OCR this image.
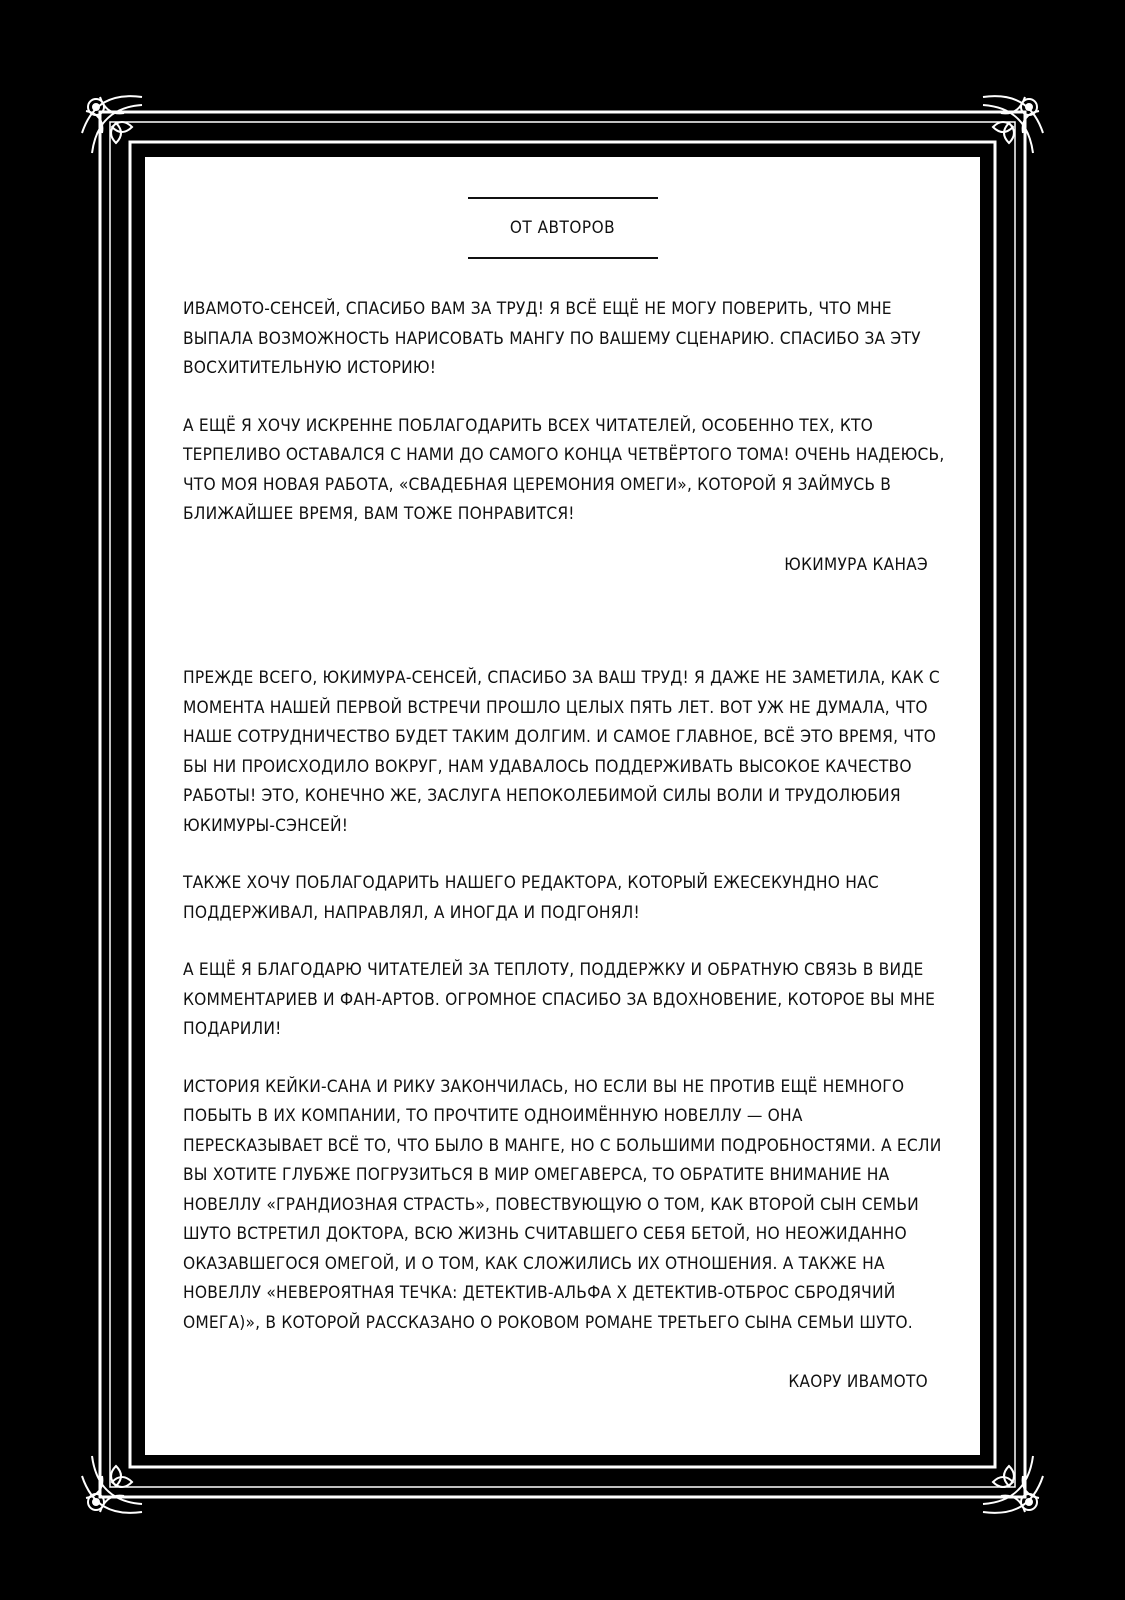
ОТ АВТОРОВ

ИВАМОТО-СЕНСЕЙ, СПАСИБО ВАМ ЗА ТРУД! Я ВСЁ ЕЩЁ НЕ МОГУ ПОВЕРИТЬ, ЧТО МНЕ ВЫПАЛА ВОЗМОЖНОСТЬ НАРИСОВАТЬ МАНГУ ПО ВАШЕМУ СЦЕНАРИЮ. СПАСИБО ЗА ЭТУ ВОСХИТИТЕЛЬНУЮ ИСТОРИЮ!

А ЕЩЁ Я ХОЧУ ИСКРЕННЕ ПОБЛАГОДАРИТЬ ВСЕХ ЧИТАТЕЛЕЙ, ОСОБЕННО ТЕХ, КТО ТЕРПЕЛИВО ОСТАВАЛСЯ С НАМИ ДО САМОГО КОНЦА ЧЕТВЁРТОГО ТОМА! ОЧЕНЬ НАДЕЮСЬ, ЧТО МОЯ НОВАЯ РАБОТА, «СВАДЕБНАЯ ЦЕРЕМОНИЯ ОМЕГИ», КОТОРОЙ Я ЗАЙМУСЬ В БЛИЖАЙШЕЕ ВРЕМЯ, ВАМ ТОЖЕ ПОНРАВИТСЯ!

ЮКИМУРА КАНАЭ

ПРЕЖДЕ ВСЕГО, ЮКИМУРА-СЕНСЕЙ, СПАСИБО ЗА ВАШ ТРУД! Я ДАЖЕ НЕ ЗАМЕТИЛА, КАК С МОМЕНТА НАШЕЙ ПЕРВОЙ ВСТРЕЧИ ПРОШЛО ЦЕЛЫХ ПЯТЬ ЛЕТ. ВОТ УЖ НЕ ДУМАЛА, ЧТО НАШЕ СОТРУДНИЧЕСТВО БУДЕТ ТАКИМ ДОЛГИМ. И САМОЕ ГЛАВНОЕ, ВСЁ ЭТО ВРЕМЯ, ЧТО БЫ НИ ПРОИСХОДИЛО ВОКРУГ, НАМ УДАВАЛОСЬ ПОДДЕРЖИВАТЬ ВЫСОКОЕ КАЧЕСТВО РАБОТЫ! ЭТО, КОНЕЧНО ЖЕ, ЗАСЛУГА НЕПОКОЛЕБИМОЙ СИЛЫ ВОЛИ И ТРУДОЛЮБИЯ ЮКИМУРЫ-СЭНСЕЙ!

ТАКЖЕ ХОЧУ ПОБЛАГОДАРИТЬ НАШЕГО РЕДАКТОРА, КОТОРЫЙ ЕЖЕСЕКУНДНО НАС ПОДДЕРЖИВАЛ, НАПРАВЛЯЛ, А ИНОГДА И ПОДГОНЯЛ!

А ЕЩЁ Я БЛАГОДАРЮ ЧИТАТЕЛЕЙ ЗА ТЕПЛОТУ, ПОДДЕРЖКУ И ОБРАТНУЮ СВЯЗЬ В ВИДЕ КОММЕНТАРИЕВ И ФАН-АРТОВ. ОГРОМНОЕ СПАСИБО ЗА ВДОХНОВЕНИЕ, КОТОРОЕ ВЫ МНЕ ПОДАРИЛИ!

ИСТОРИЯ КЕЙКИ-САНА И РИКУ ЗАКОНЧИЛАСЬ, НО ЕСЛИ ВЫ НЕ ПРОТИВ ЕЩЁ НЕМНОГО ПОБЫТЬ В ИХ КОМПАНИИ, ТО ПРОЧТИТЕ ОДНОИМЁННУЮ НОВЕЛЛУ — ОНА ПЕРЕСКАЗЫВАЕТ ВСЁ ТО, ЧТО БЫЛО В МАНГЕ, НО С БОЛЬШИМИ ПОДРОБНОСТЯМИ. А ЕСЛИ ВЫ ХОТИТЕ ГЛУБЖЕ ПОГРУЗИТЬСЯ В МИР ОМЕГАВЕРСА, ТО ОБРАТИТЕ ВНИМАНИЕ НА НОВЕЛЛУ «ГРАНДИОЗНАЯ СТРАСТЬ», ПОВЕСТВУЮЩУЮ О ТОМ, КАК ВТОРОЙ СЫН СЕМЬИ ШУТО ВСТРЕТИЛ ДОКТОРА, ВСЮ ЖИЗНЬ СЧИТАВШЕГО СЕБЯ БЕТОЙ, НО НЕОЖИДАННО ОКАЗАВШЕГОСЯ ОМЕГОЙ, И О ТОМ, КАК СЛОЖИЛИСЬ ИХ ОТНОШЕНИЯ. А ТАКЖЕ НА НОВЕЛЛУ «НЕВЕРОЯТНАЯ ТЕЧКА: ДЕТЕКТИВ-АЛЬФА X ДЕТЕКТИВ-ОТБРОС СБРОДЯЧИЙ ОМЕГА)», В КОТОРОЙ РАССКАЗАНО О РОКОВОМ РОМАНЕ ТРЕТЬЕГО СЫНА СЕМЬИ ШУТО.

КАОРУ ИВАМОТО
